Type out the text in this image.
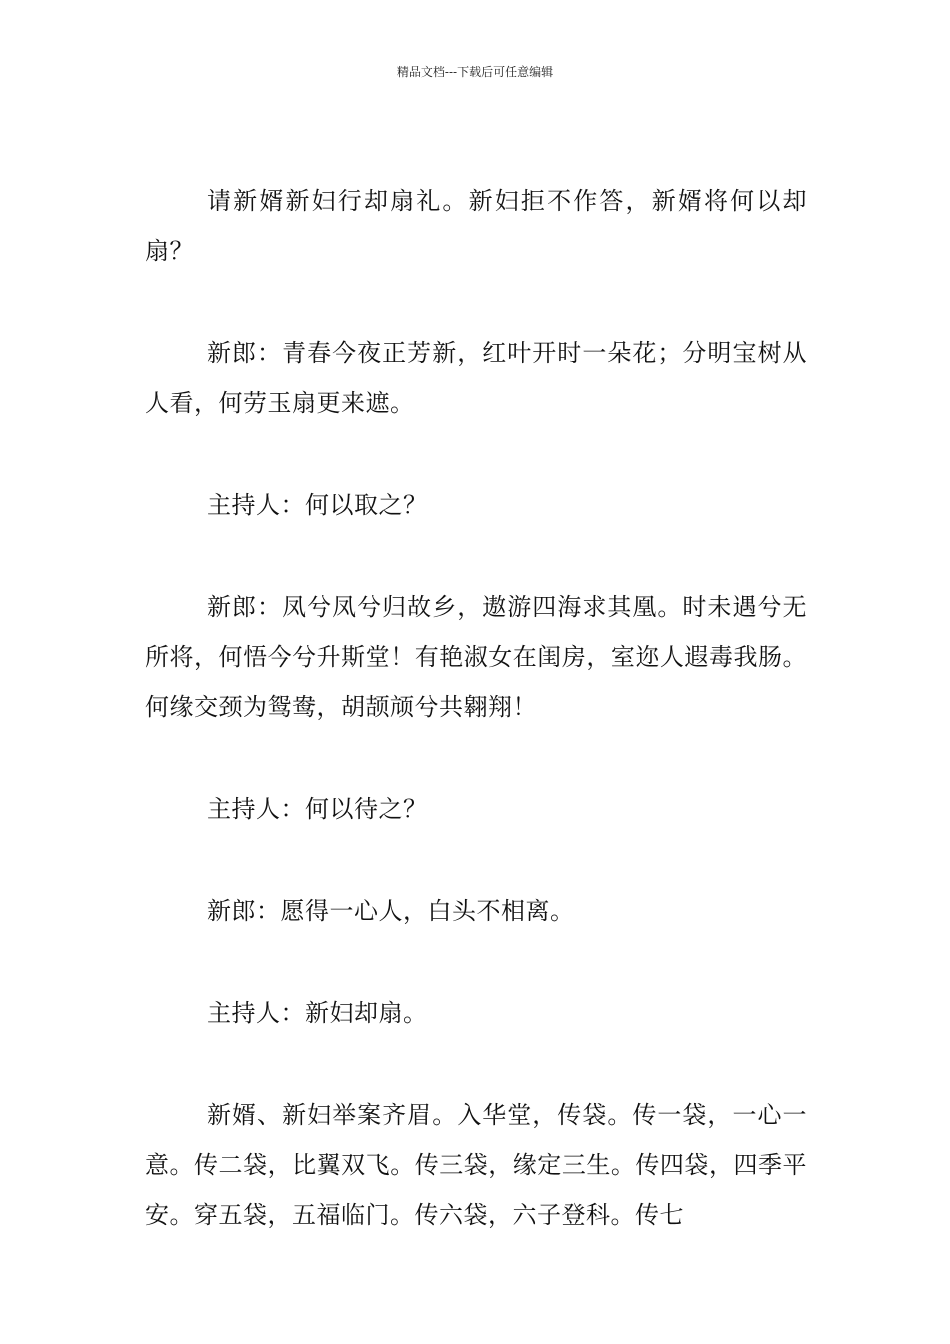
精品文档---下载后可任意编辑

请新婿新妇行却扇礼。新妇拒不作答，新婿将何以却扇？

新郎：青春今夜正芳新，红叶开时一朵花；分明宝树从人看，何劳玉扇更来遮。

主持人：何以取之？

新郎：凤兮凤兮归故乡，遨游四海求其凰。时未遇兮无所将，何悟今兮升斯堂！有艳淑女在闺房，室迩人遐毒我肠。何缘交颈为鸳鸯，胡颉颃兮共翱翔！

主持人：何以待之？

新郎：愿得一心人，白头不相离。

主持人：新妇却扇。

新婿、新妇举案齐眉。入华堂，传袋。传一袋，一心一意。传二袋，比翼双飞。传三袋，缘定三生。传四袋，四季平安。穿五袋，五福临门。传六袋，六子登科。传七
